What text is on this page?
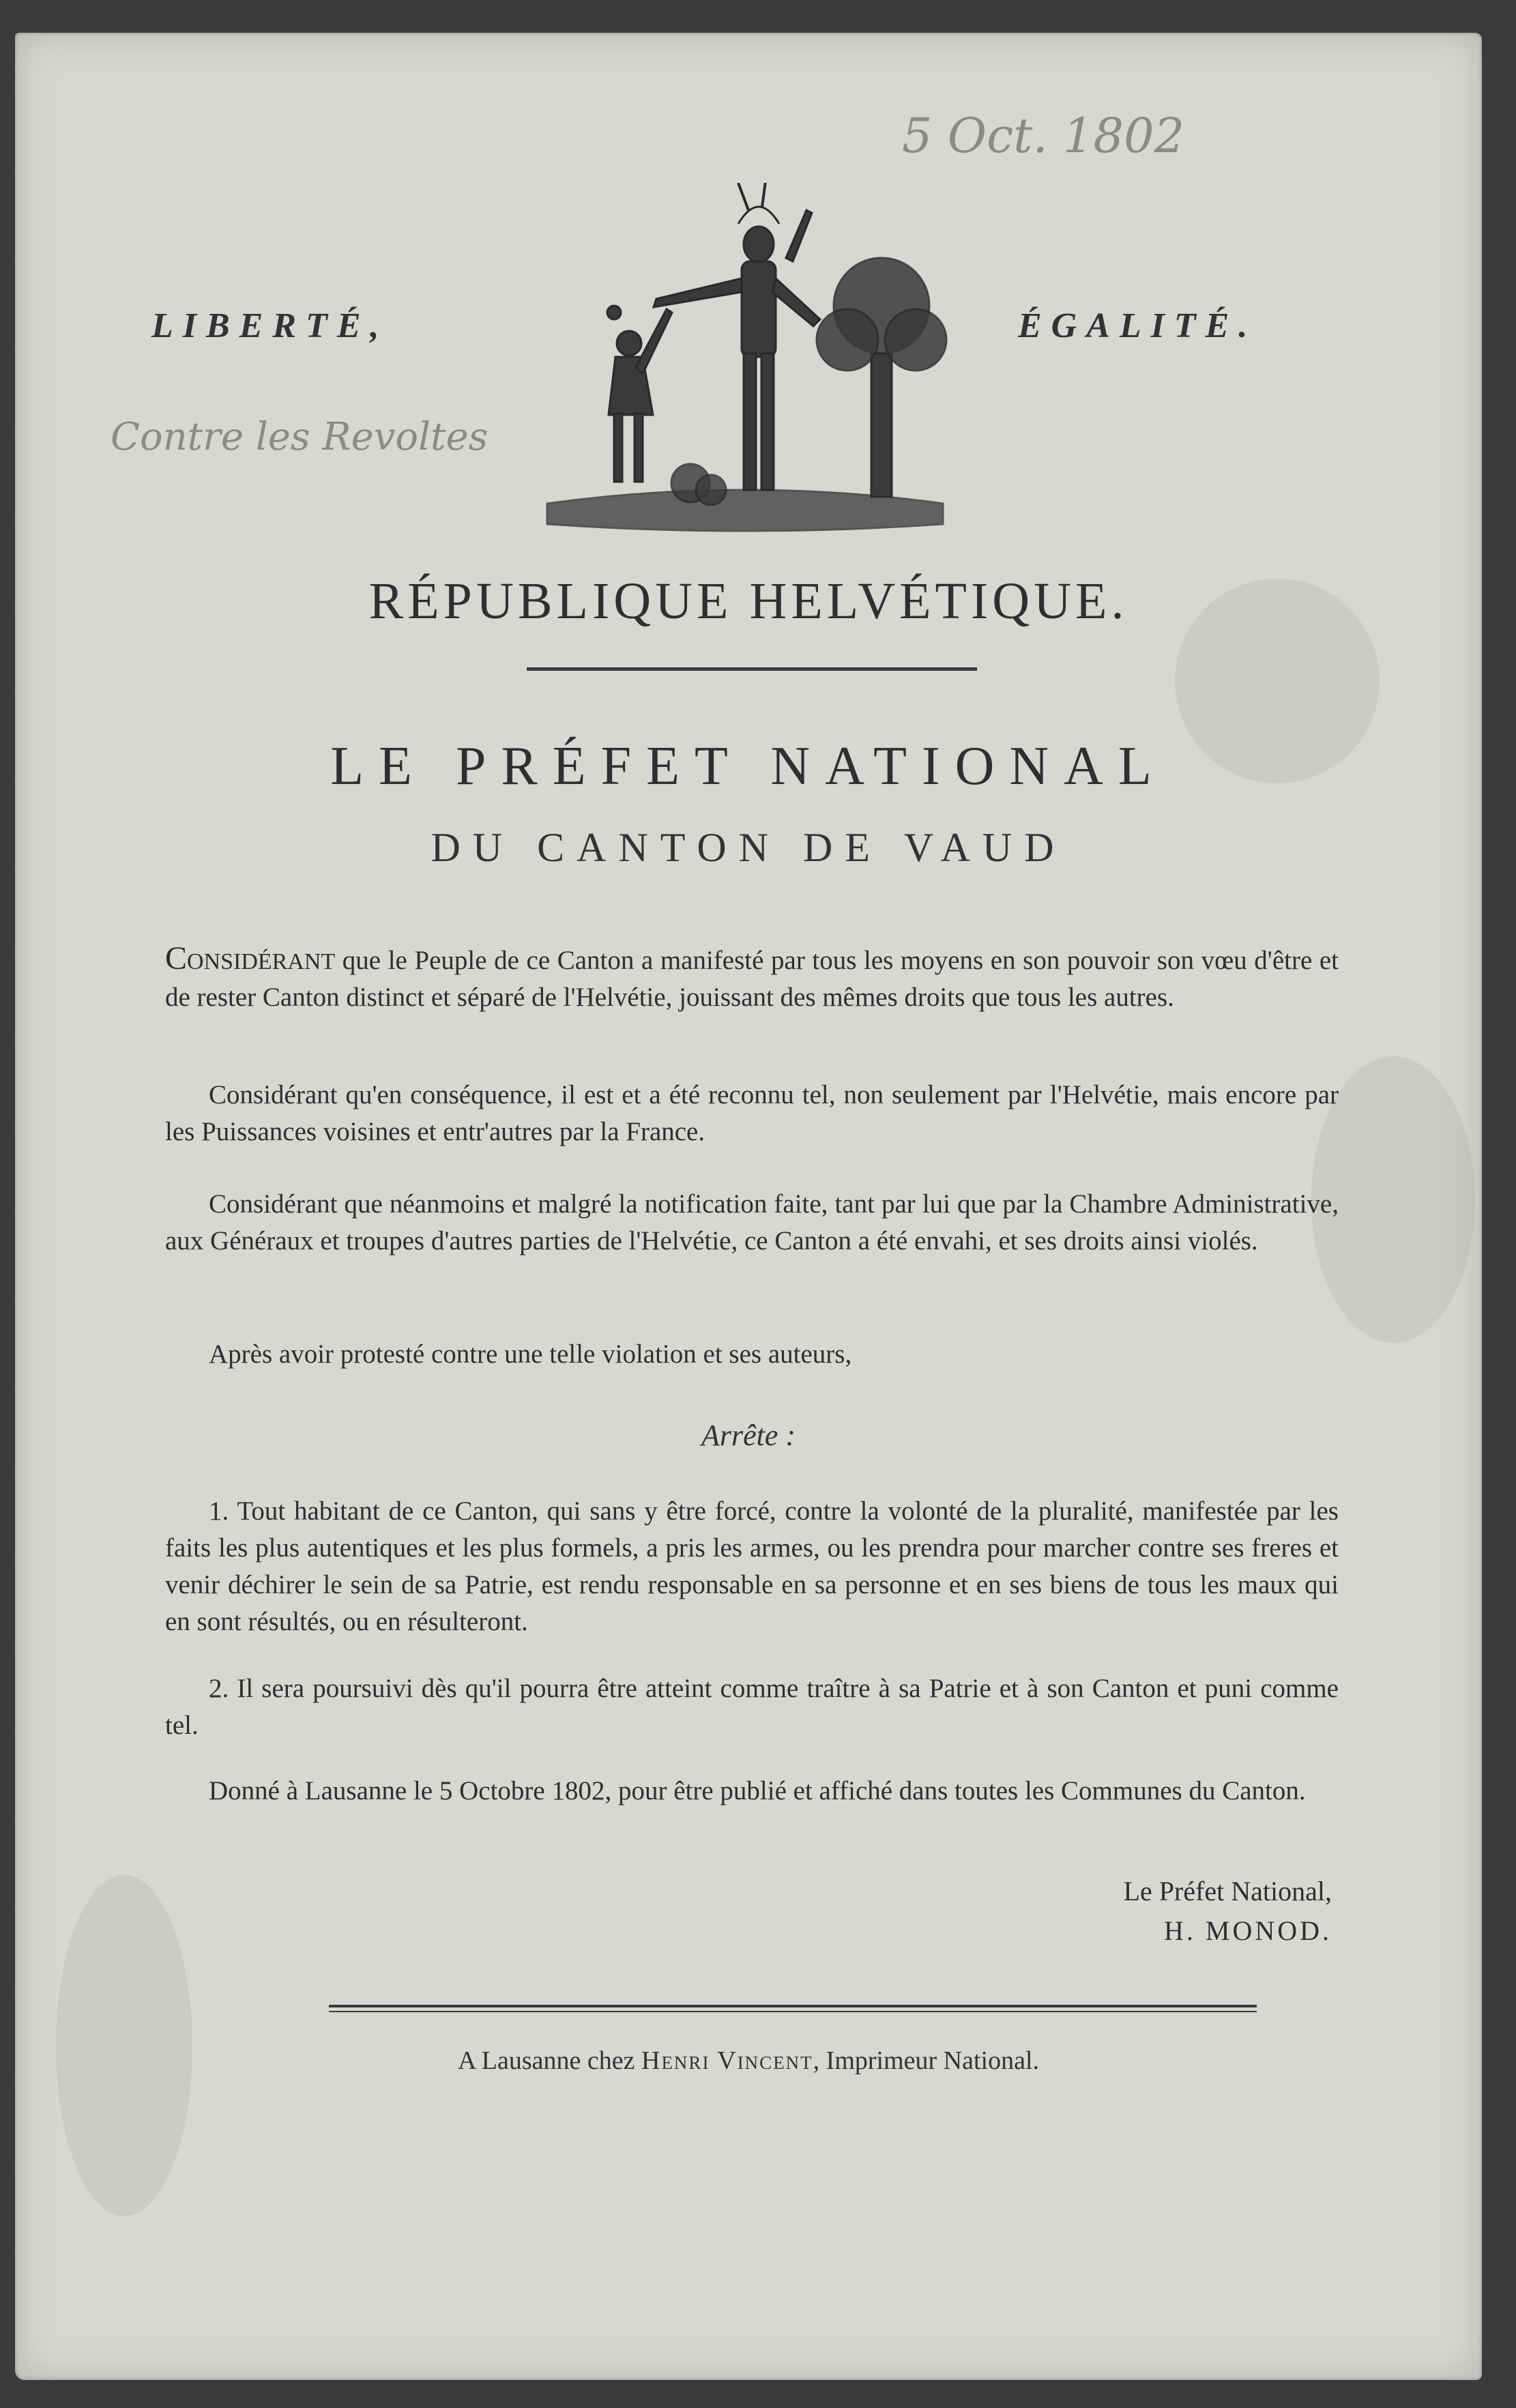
5 Oct. 1802
Contre les Revoltes
LIBERTÉ,	ÉGALITÉ.
RÉPUBLIQUE HELVÉTIQUE.
LE PRÉFET NATIONAL
DU CANTON DE VAUD
Considérant que le Peuple de ce Canton a manifesté par tous les moyens en son pouvoir son vœu d'être et de rester Canton distinct et séparé de l'Helvétie, jouissant des mêmes droits que tous les autres.
Considérant qu'en conséquence, il est et a été reconnu tel, non seulement par l'Helvétie, mais encore par les Puissances voisines et entr'autres par la France.
Considérant que néanmoins et malgré la notification faite, tant par lui que par la Chambre Administrative, aux Généraux et troupes d'autres parties de l'Helvétie, ce Canton a été envahi, et ses droits ainsi violés.
Après avoir protesté contre une telle violation et ses auteurs,
Arrête :
1. Tout habitant de ce Canton, qui sans y être forcé, contre la volonté de la pluralité, manifestée par les faits les plus autentiques et les plus formels, a pris les armes, ou les prendra pour marcher contre ses freres et venir déchirer le sein de sa Patrie, est rendu responsable en sa personne et en ses biens de tous les maux qui en sont résultés, ou en résulteront.
2. Il sera poursuivi dès qu'il pourra être atteint comme traître à sa Patrie et à son Canton et puni comme tel.
Donné à Lausanne le 5 Octobre 1802, pour être publié et affiché dans toutes les Communes du Canton.
Le Préfet National,
H. MONOD.
A Lausanne chez Henri Vincent, Imprimeur National.
